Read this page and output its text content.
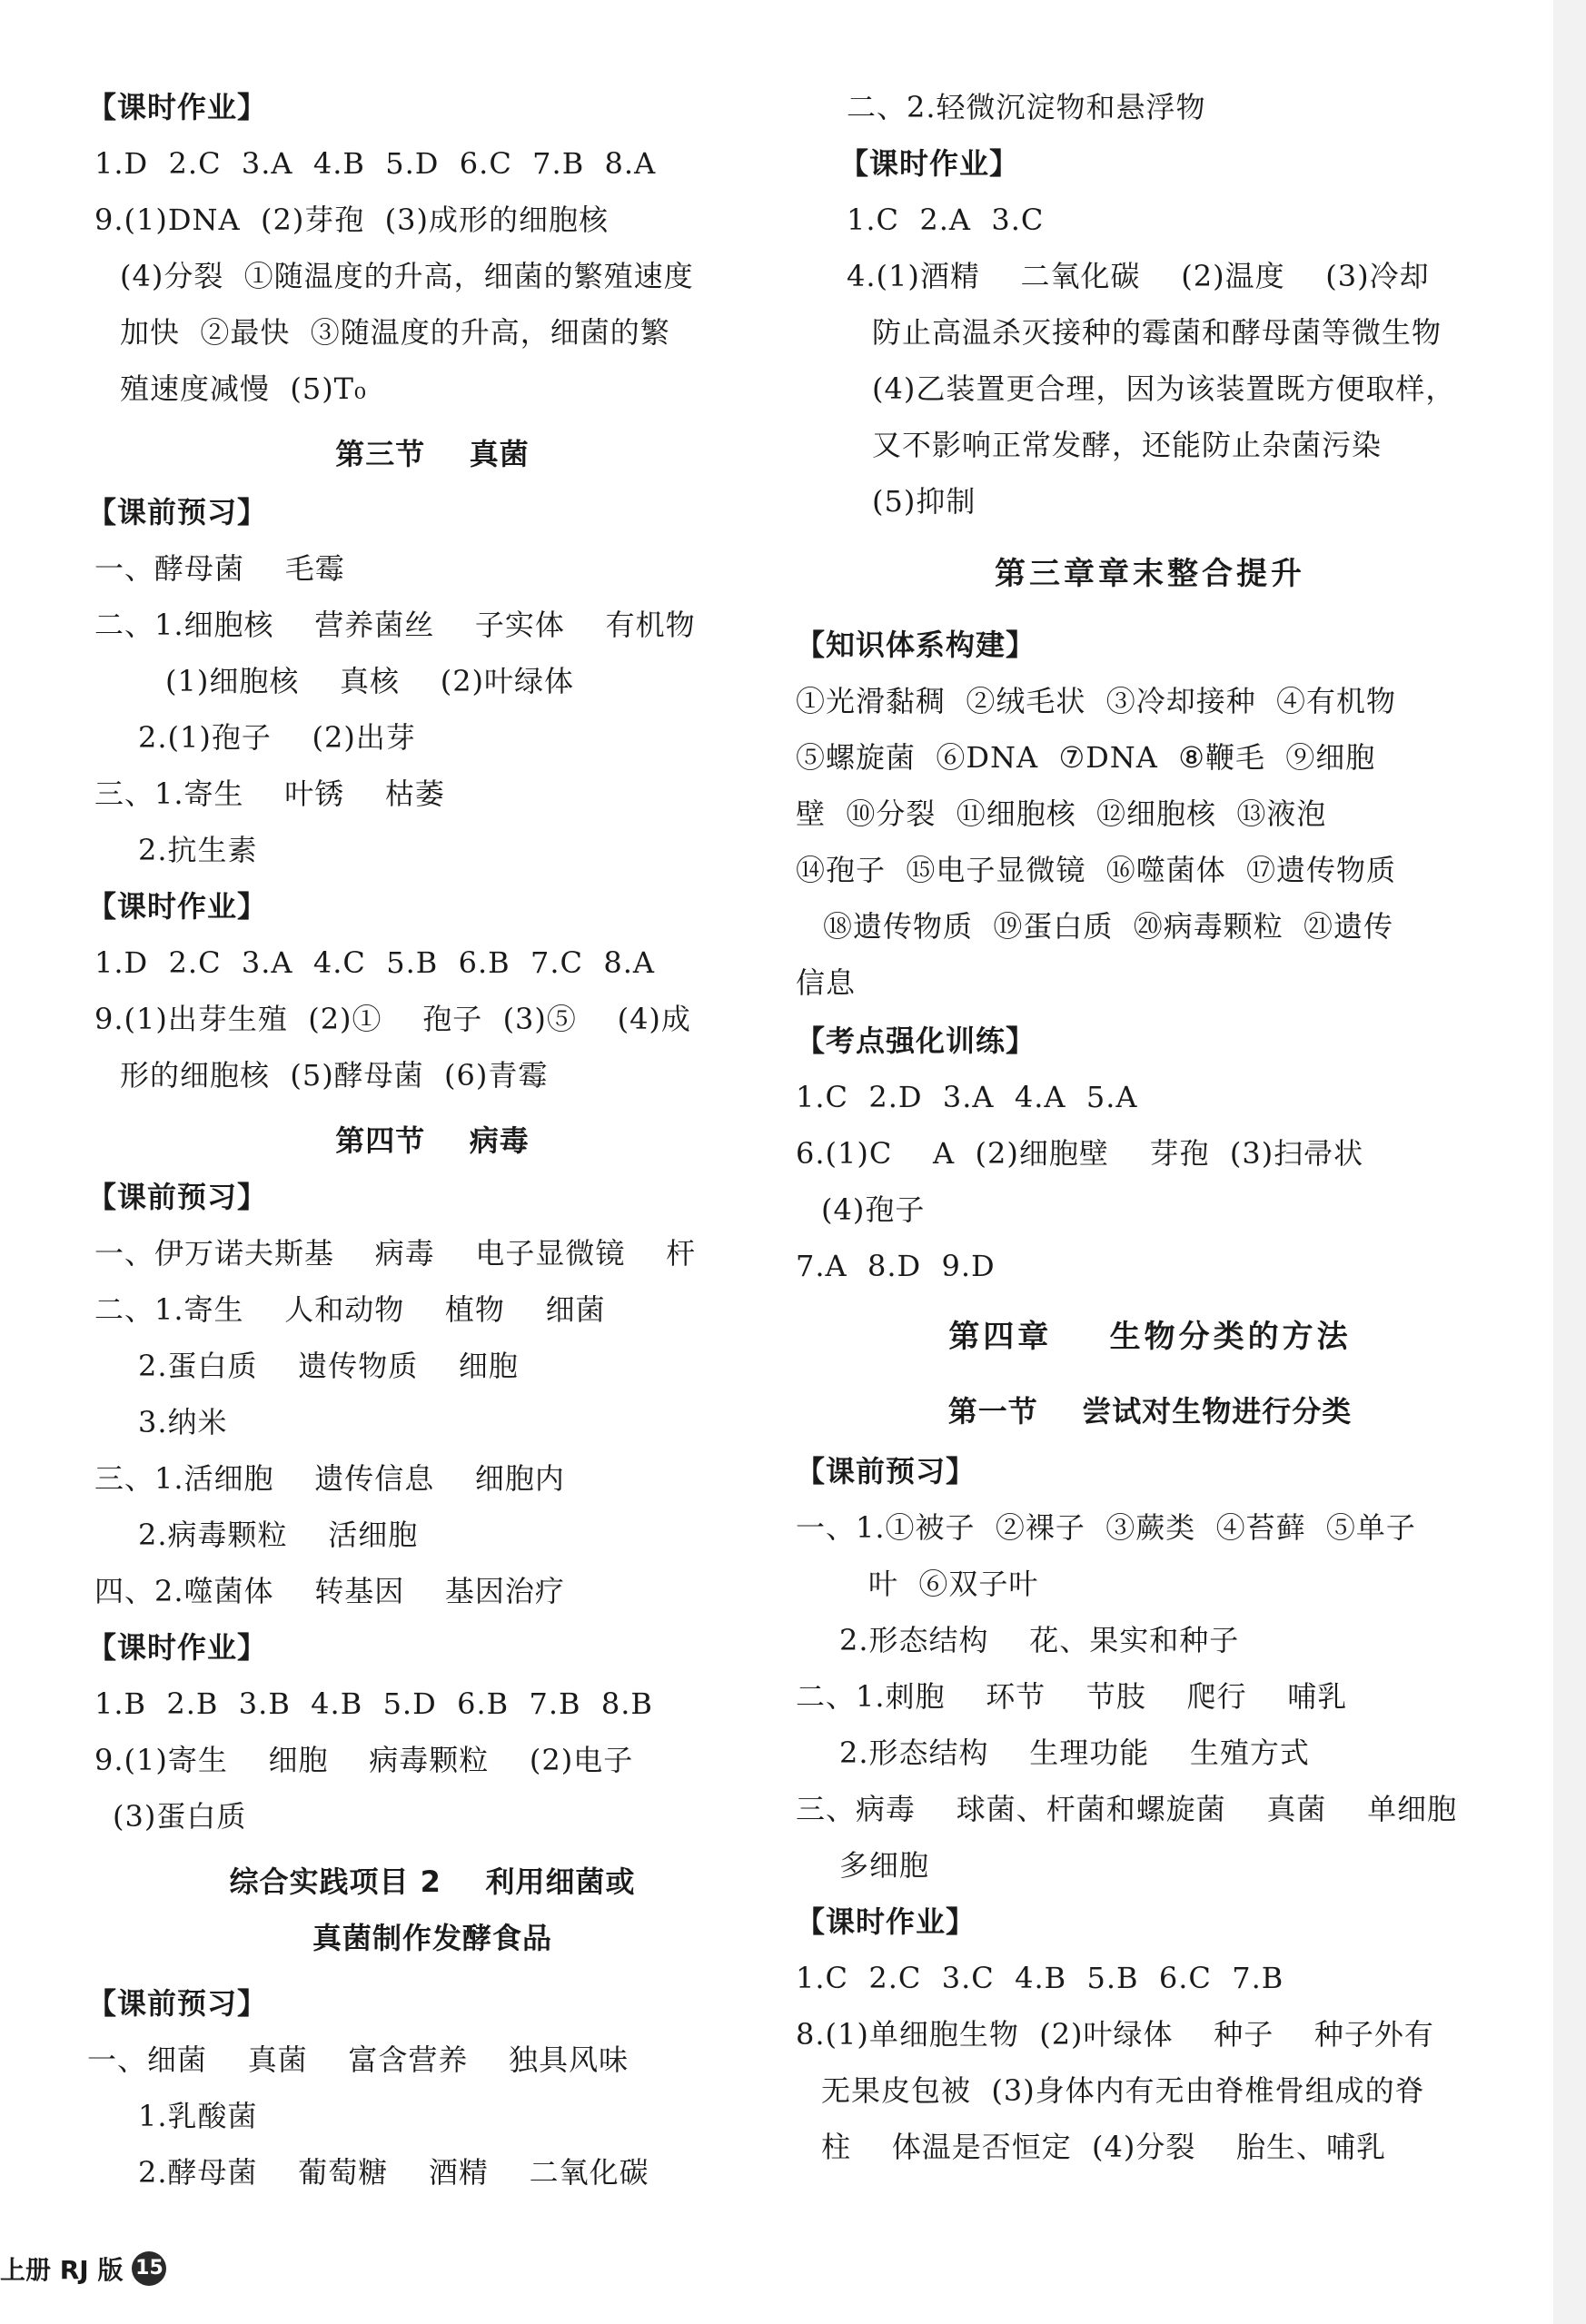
【课时作业】
1.D  2.C  3.A  4.B  5.D  6.C  7.B  8.A
9.(1)DNA  (2)芽孢  (3)成形的细胞核
(4)分裂  ①随温度的升高，细菌的繁殖速度
加快  ②最快  ③随温度的升高，细菌的繁
殖速度减慢  (5)T₀
第三节    真菌
【课前预习】
一、酵母菌    毛霉
二、1.细胞核    营养菌丝    子实体    有机物
(1)细胞核    真核    (2)叶绿体
2.(1)孢子    (2)出芽
三、1.寄生    叶锈    枯萎
2.抗生素
【课时作业】
1.D  2.C  3.A  4.C  5.B  6.B  7.C  8.A
9.(1)出芽生殖  (2)①    孢子  (3)⑤    (4)成
形的细胞核  (5)酵母菌  (6)青霉
第四节    病毒
【课前预习】
一、伊万诺夫斯基    病毒    电子显微镜    杆
二、1.寄生    人和动物    植物    细菌
2.蛋白质    遗传物质    细胞
3.纳米
三、1.活细胞    遗传信息    细胞内
2.病毒颗粒    活细胞
四、2.噬菌体    转基因    基因治疗
【课时作业】
1.B  2.B  3.B  4.B  5.D  6.B  7.B  8.B
9.(1)寄生    细胞    病毒颗粒    (2)电子
(3)蛋白质
综合实践项目 2    利用细菌或
真菌制作发酵食品
【课前预习】
一、细菌    真菌    富含营养    独具风味
1.乳酸菌
2.酵母菌    葡萄糖    酒精    二氧化碳
二、2.轻微沉淀物和悬浮物
【课时作业】
1.C  2.A  3.C
4.(1)酒精    二氧化碳    (2)温度    (3)冷却
防止高温杀灭接种的霉菌和酵母菌等微生物
(4)乙装置更合理，因为该装置既方便取样，
又不影响正常发酵，还能防止杂菌污染
(5)抑制
第三章章末整合提升
【知识体系构建】
①光滑黏稠  ②绒毛状  ③冷却接种  ④有机物
⑤螺旋菌  ⑥DNA  ⑦DNA  ⑧鞭毛  ⑨细胞
壁  ⑩分裂  ⑪细胞核  ⑫细胞核  ⑬液泡
⑭孢子  ⑮电子显微镜  ⑯噬菌体  ⑰遗传物质
⑱遗传物质  ⑲蛋白质  ⑳病毒颗粒  ㉑遗传
信息
【考点强化训练】
1.C  2.D  3.A  4.A  5.A
6.(1)C    A  (2)细胞壁    芽孢  (3)扫帚状
(4)孢子
7.A  8.D  9.D
第四章    生物分类的方法
第一节    尝试对生物进行分类
【课前预习】
一、1.①被子  ②裸子  ③蕨类  ④苔藓  ⑤单子
叶  ⑥双子叶
2.形态结构    花、果实和种子
二、1.刺胞    环节    节肢    爬行    哺乳
2.形态结构    生理功能    生殖方式
三、病毒    球菌、杆菌和螺旋菌    真菌    单细胞
多细胞
【课时作业】
1.C  2.C  3.C  4.B  5.B  6.C  7.B
8.(1)单细胞生物  (2)叶绿体    种子    种子外有
无果皮包被  (3)身体内有无由脊椎骨组成的脊
柱    体温是否恒定  (4)分裂    胎生、哺乳
上册 RJ 版 15
